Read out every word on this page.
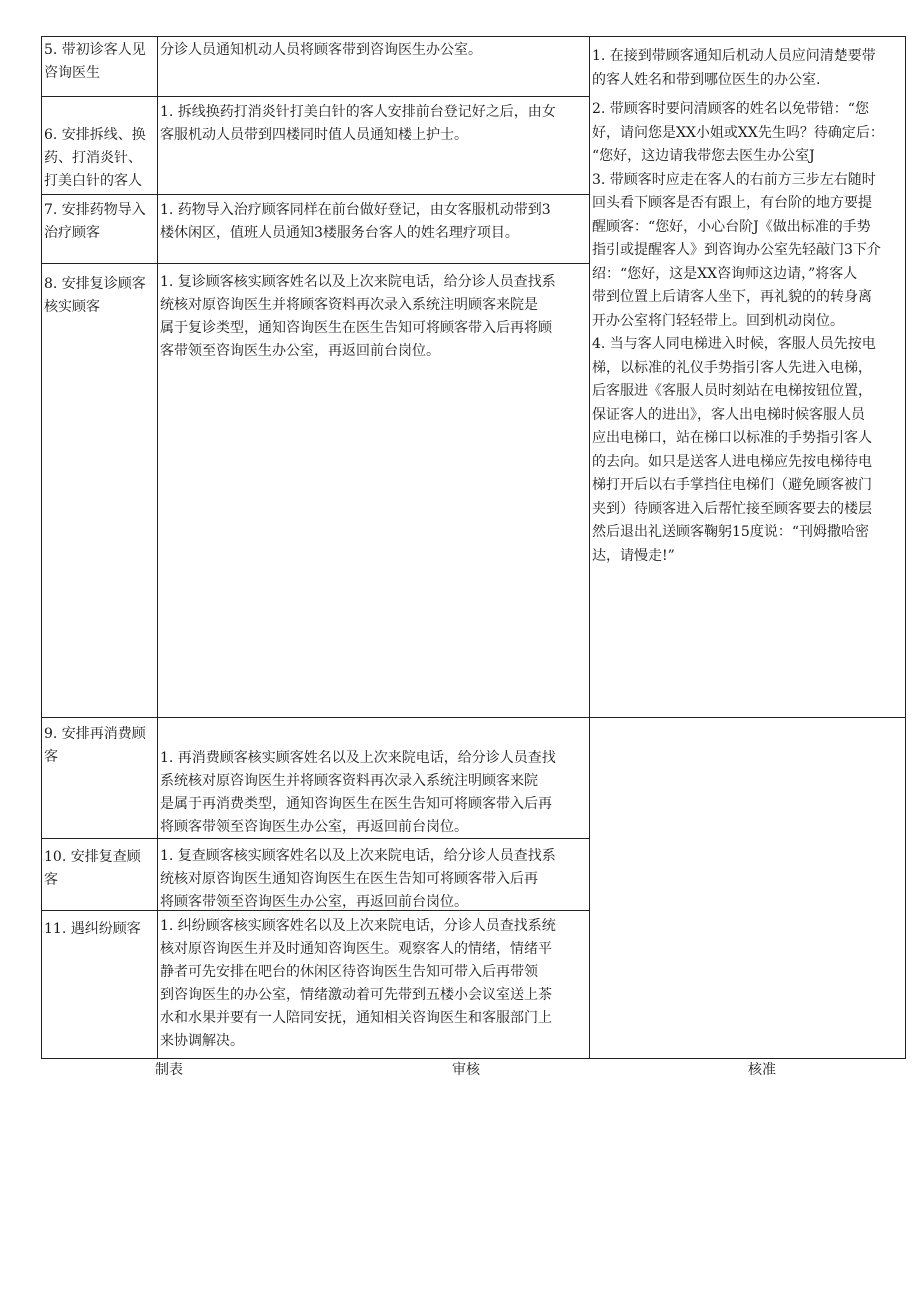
5. 带初诊客人见
咨询医生
6. 安排拆线、换
药、打消炎针、
打美白针的客人
7. 安排药物导入
治疗顾客
8. 安排复诊顾客
核实顾客
9. 安排再消费顾
客
10. 安排复查顾
客
11. 遇纠纷顾客
分诊人员通知机动人员将顾客带到咨询医生办公室。
1. 拆线换药打消炎针打美白针的客人安排前台登记好之后，由女
客服机动人员带到四楼同时值人员通知楼上护士。
1. 药物导入治疗顾客同样在前台做好登记，由女客服机动带到3
楼休闲区，值班人员通知3楼服务台客人的姓名理疗项目。
1. 复诊顾客核实顾客姓名以及上次来院电话，给分诊人员查找系
统核对原咨询医生并将顾客资料再次录入系统注明顾客来院是
属于复诊类型，通知咨询医生在医生告知可将顾客带入后再将顾
客带领至咨询医生办公室，再返回前台岗位。
1. 再消费顾客核实顾客姓名以及上次来院电话，给分诊人员查找
系统核对原咨询医生并将顾客资料再次录入系统注明顾客来院
是属于再消费类型，通知咨询医生在医生告知可将顾客带入后再
将顾客带领至咨询医生办公室，再返回前台岗位。
1. 复查顾客核实顾客姓名以及上次来院电话，给分诊人员查找系
统核对原咨询医生通知咨询医生在医生告知可将顾客带入后再
将顾客带领至咨询医生办公室，再返回前台岗位。
1. 纠纷顾客核实顾客姓名以及上次来院电话，分诊人员查找系统
核对原咨询医生并及时通知咨询医生。观察客人的情绪，情绪平
静者可先安排在吧台的休闲区待咨询医生告知可带入后再带领
到咨询医生的办公室，情绪激动着可先带到五楼小会议室送上茶
水和水果并要有一人陪同安抚，通知相关咨询医生和客服部门上
来协调解决。
1. 在接到带顾客通知后机动人员应问清楚要带
的客人姓名和带到哪位医生的办公室.
2. 带顾客时要问清顾客的姓名以免带错：“您
好，请问您是XX小姐或XX先生吗？待确定后：
“您好，这边请我带您去医生办公室J
3. 带顾客时应走在客人的右前方三步左右随时
回头看下顾客是否有跟上，有台阶的地方要提
醒顾客：“您好，小心台阶J《做出标准的手势
指引或提醒客人》到咨询办公室先轻敲门3下介
绍：“您好，这是XX咨询师这边请，”将客人
带到位置上后请客人坐下，再礼貌的的转身离
开办公室将门轻轻带上。回到机动岗位。
4. 当与客人同电梯进入时候，客服人员先按电
梯，以标准的礼仪手势指引客人先进入电梯，
后客服进《客服人员时刻站在电梯按钮位置，
保证客人的进出》，客人出电梯时候客服人员
应出电梯口，站在梯口以标准的手势指引客人
的去向。如只是送客人进电梯应先按电梯待电
梯打开后以右手掌挡住电梯们（避免顾客被门
夹到）待顾客进入后帮忙接至顾客要去的楼层
然后退出礼送顾客鞠躬15度说：“刊姆撒哈密
达，请慢走!”
制表	审核	核准
